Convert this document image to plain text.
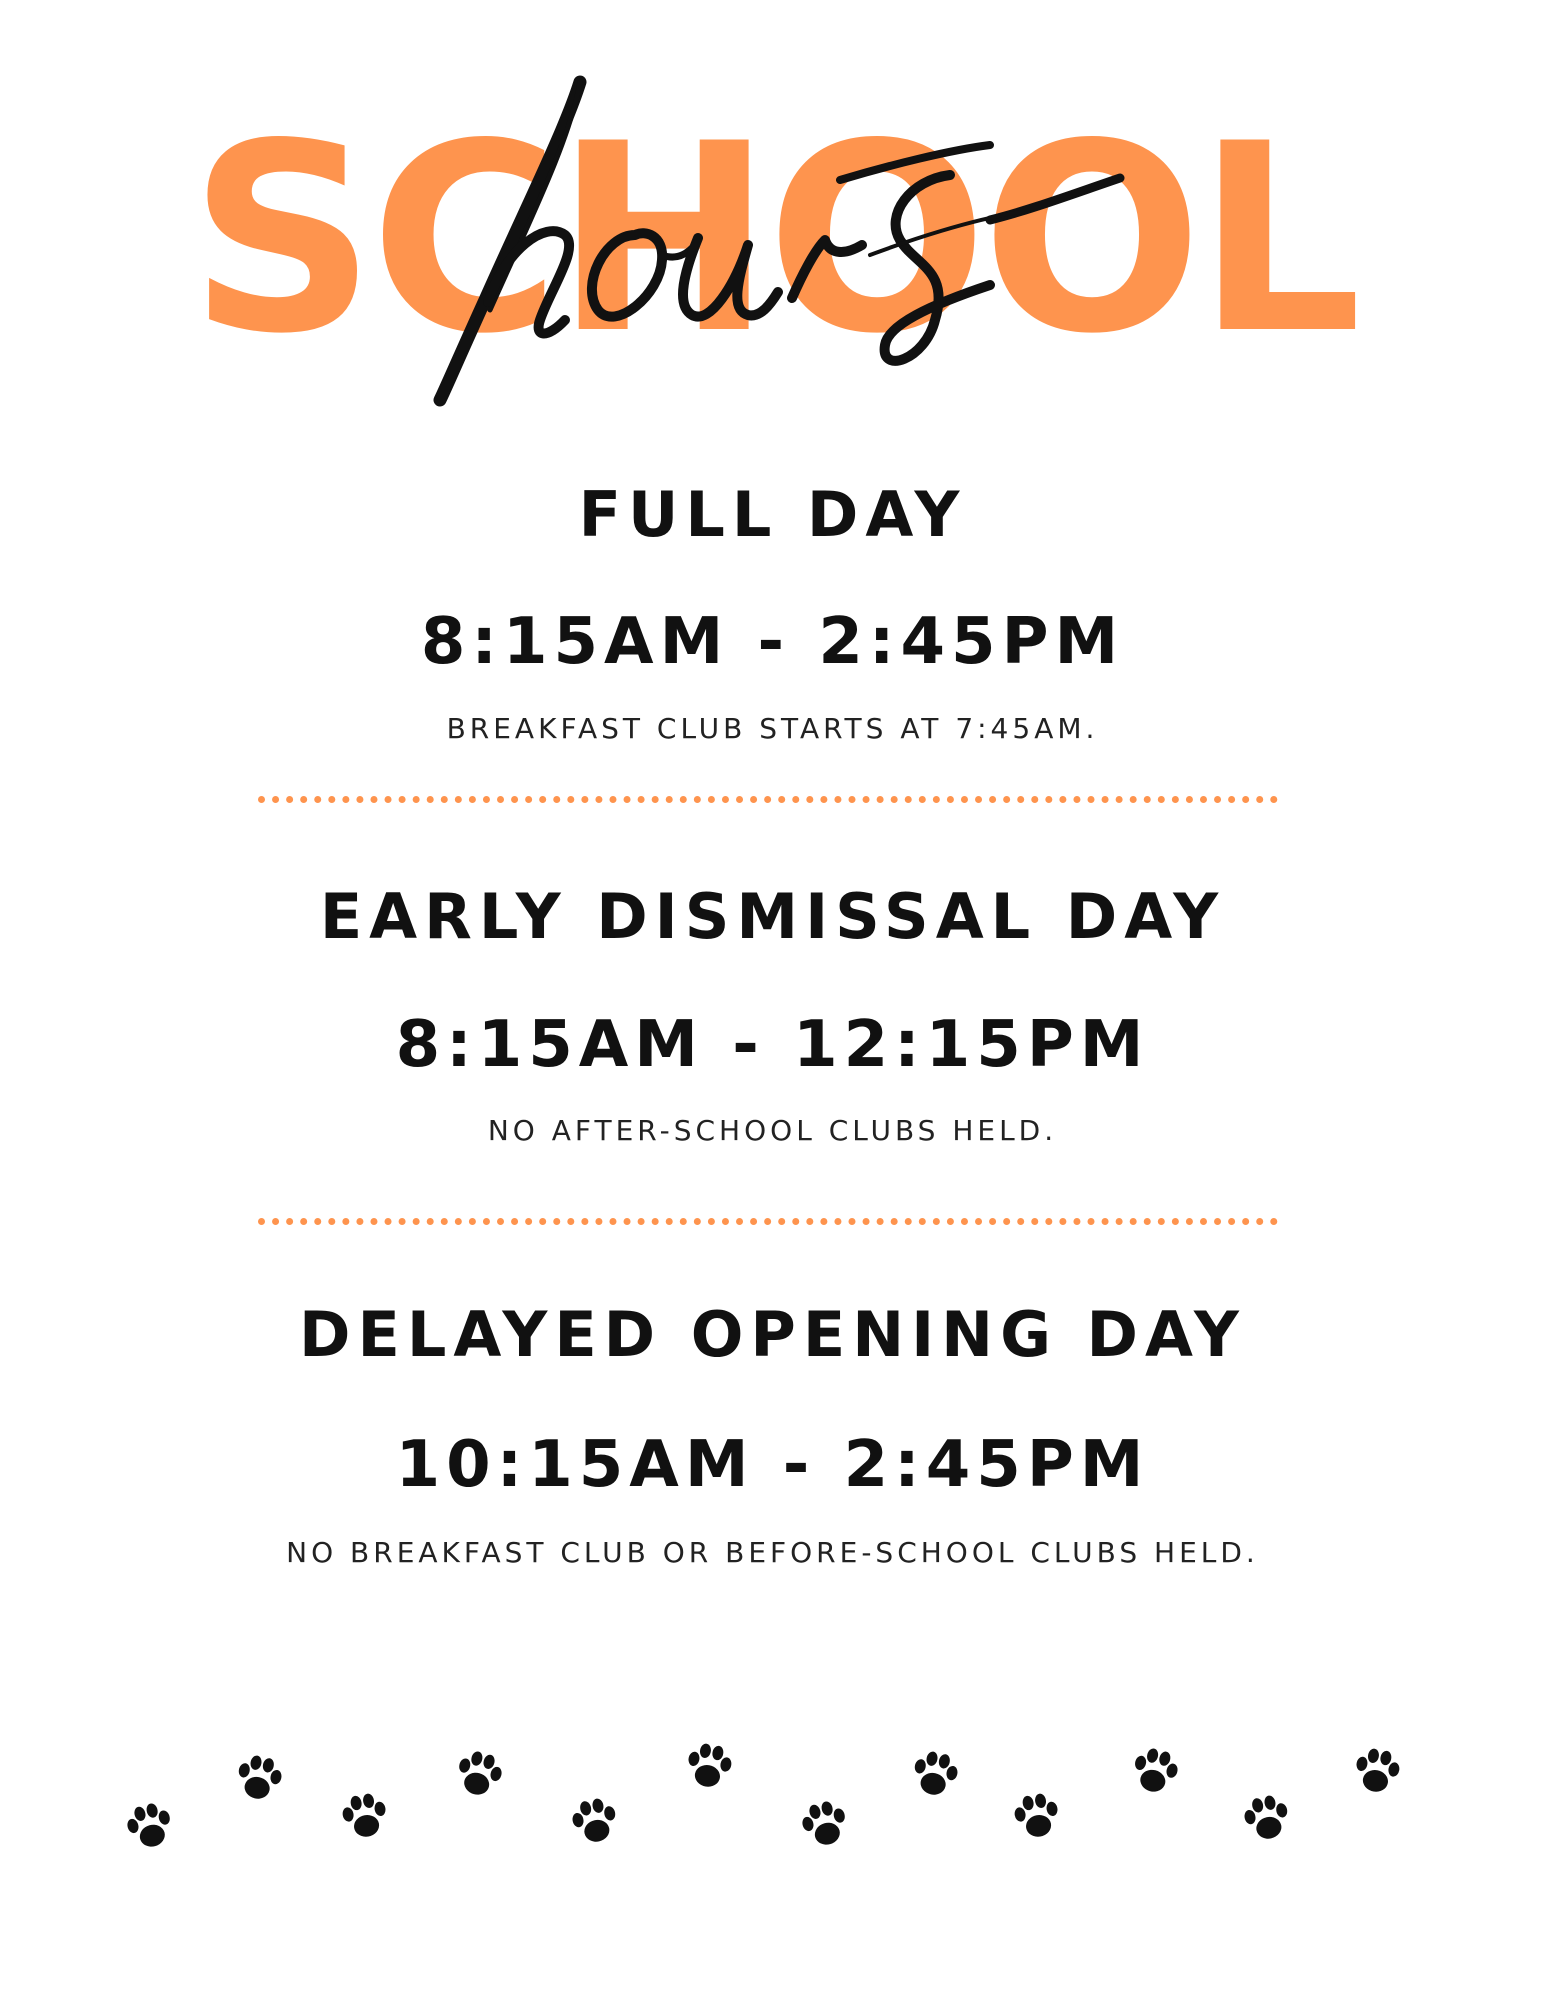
SCHOOL
FULL DAY
8:15AM - 2:45PM
BREAKFAST CLUB STARTS AT 7:45AM.
EARLY DISMISSAL DAY
8:15AM - 12:15PM
NO AFTER-SCHOOL CLUBS HELD.
DELAYED OPENING DAY
10:15AM - 2:45PM
NO BREAKFAST CLUB OR BEFORE-SCHOOL CLUBS HELD.
